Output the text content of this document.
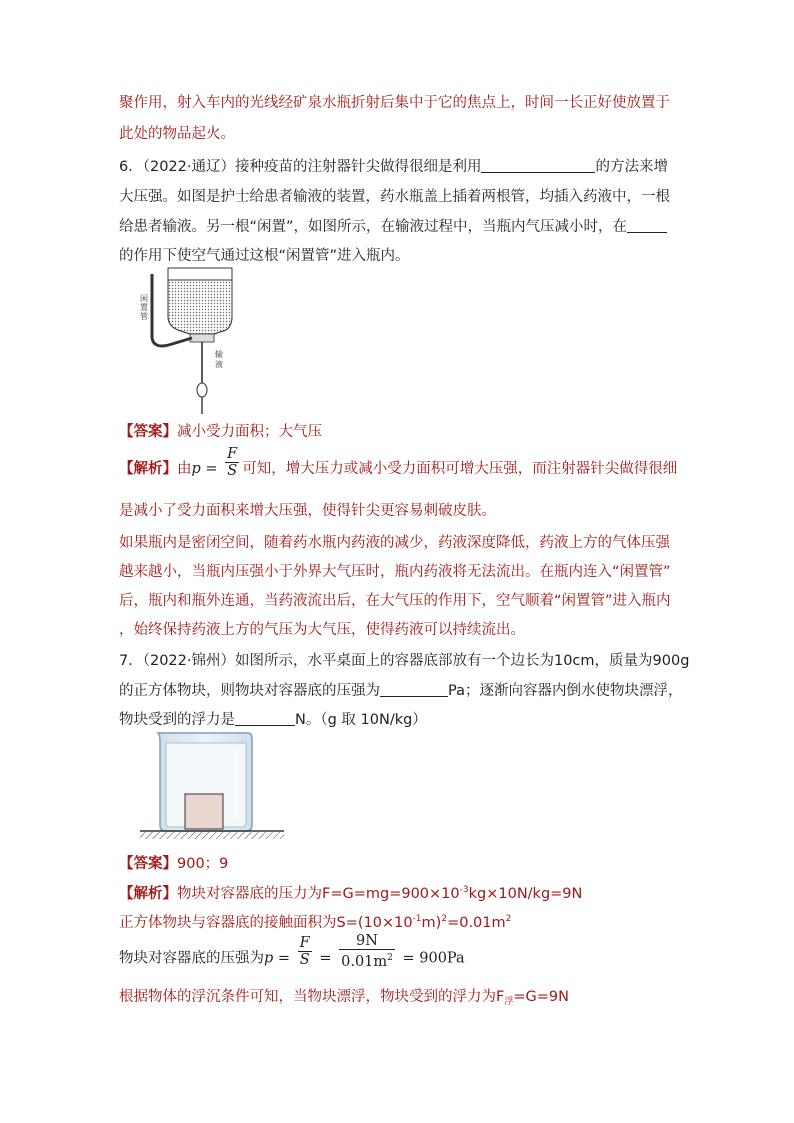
聚作用，射入车内的光线经矿泉水瓶折射后集中于它的焦点上，时间一长正好使放置于
此处的物品起火。
6．（2022·通辽）接种疫苗的注射器针尖做得很细是利用	的方法来增
大压强。如图是护士给患者输液的装置，药水瓶盖上插着两根管，均插入药液中，一根
给患者输液。另一根“闲置”，如图所示，在输液过程中，当瓶内气压减小时，在
的作用下使空气通过这根“闲置管”进入瓶内。
闲置管
输液
【答案】减小受力面积；大气压
【解析】由$p = \frac{F}{S}$ 可知，增大压力或减小受力面积可增大压强，而注射器针尖做得很细
是减小了受力面积来增大压强，使得针尖更容易刺破皮肤。
如果瓶内是密闭空间，随着药水瓶内药液的减少，药液深度降低，药液上方的气体压强
越来越小，当瓶内压强小于外界大气压时，瓶内药液将无法流出。在瓶内连入“闲置管”
后，瓶内和瓶外连通，当药液流出后，在大气压的作用下，空气顺着“闲置管”进入瓶内
，始终保持药液上方的气压为大气压，使得药液可以持续流出。
7．（2022·锦州）如图所示，水平桌面上的容器底部放有一个边长为10cm，质量为900g
的正方体物块，则物块对容器底的压强为	Pa；逐渐向容器内倒水使物块漂浮，
物块受到的浮力是	N。（g 取 10N/kg）
【答案】900；9
【解析】物块对容器底的压力为$F=G=mg=900\times 10^{-3}kg\times 10N/kg=9N$
正方体物块与容器底的接触面积为$S=(10\times 10^{-1}m)^2=0.01m^2$
物块对容器底的压强为$p = \frac{F}{S} = \frac{9N}{0.01m^2} = 900Pa$
根据物体的浮沉条件可知，当物块漂浮，物块受到的浮力为$F_浮=G=9N$
